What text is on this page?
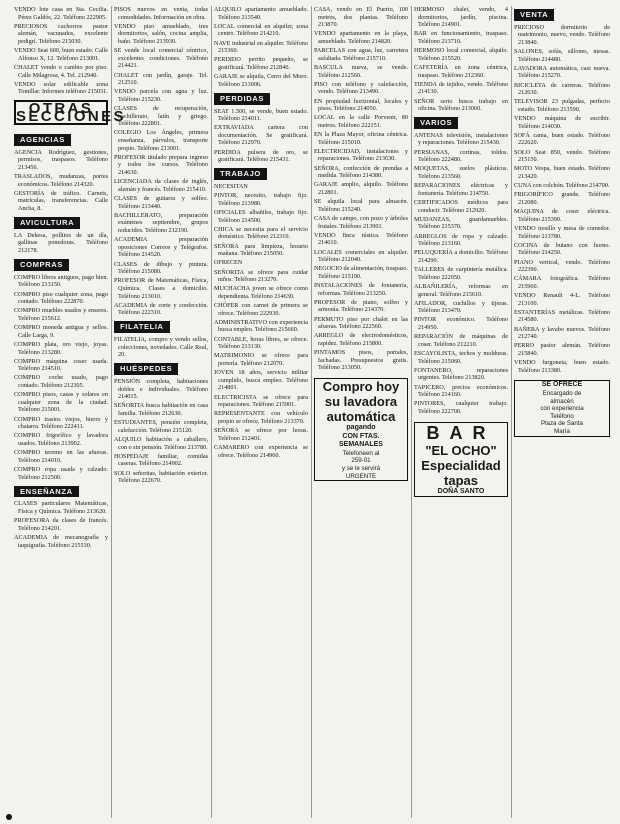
VENDO lote casa en Sta. Cecilia. Pérez Galdós, 22. Teléfono 222905.

PRECIOSOS cachorros pastor alemán, vacunados, excelente pedigrí. Teléfono 215030.

VENDO Seat 600, buen estado. Calle Alfonso X, 12. Teléfono 213001.

CHALET vendo o cambio por piso. Calle Milagrosa, 4. Tel. 212940.

VENDO solar edificable zona Tomillar. Informes teléfono 215031.

OTRAS SECCIONES
AGENCIAS

AGENCIA Rodríguez, gestiones, permisos, traspasos. Teléfono 213456.

TRASLADOS, mudanzas, portes económicos. Teléfono 214320.

GESTORÍA de tráfico. Carnets, matrículas, transferencias. Calle Ancha, 8.

AVICULTURA

LA Dehesa, pollitos de un día, gallinas ponedoras. Teléfono 212178.

COMPRAS

COMPRO libros antiguos, pago bien. Teléfono 213150.

COMPRO piso cualquier zona, pago contado. Teléfono 222870.

COMPRO muebles usados y enseres. Teléfono 215612.

COMPRO moneda antigua y sellos. Calle Larga, 9.

COMPRO plata, oro viejo, joyas. Teléfono 213280.

COMPRO máquina coser usada. Teléfono 214510.

COMPRO coche usado, pago contado. Teléfono 212305.

COMPRO pisos, casas y solares en cualquier zona de la ciudad. Teléfono 215001.

COMPRO trastos viejos, hierro y chatarra. Teléfono 222411.

COMPRO frigorífico y lavadora usados. Teléfono 213902.

COMPRO terreno en las afueras. Teléfono 214010.

COMPRO ropa usada y calzado. Teléfono 212500.

ENSEÑANZA

CLASES particulares Matemáticas, Física y Química. Teléfono 213620.

PROFESORA da clases de francés. Teléfono 214201.

ACADEMIA de mecanografía y taquigrafía. Teléfono 215530.

PISOS nuevos en venta, todas comodidades. Información en obra.

VENDO piso amueblado, tres dormitorios, salón, cocina amplia, baño. Teléfono 213930.

SE vende local comercial céntrico, excelentes condiciones. Teléfono 214421.

CHALET con jardín, garaje. Tel. 212510.

VENDO parcela con agua y luz. Teléfono 215230.

CLASES de recuperación, bachillerato, latín y griego. Teléfono 222801.

COLEGIO Los Ángeles, primera enseñanza, párvulos, transporte propio. Teléfono 213001.

PROFESOR titulado prepara ingreso y todos los cursos. Teléfono 214630.

LICENCIADA da clases de inglés, alemán y francés. Teléfono 215410.

CLASES de guitarra y solfeo. Teléfono 213440.

BACHILLERATO, preparación exámenes septiembre, grupos reducidos. Teléfono 212190.

ACADEMIA preparación oposiciones Correos y Telégrafos. Teléfono 214520.

CLASES de dibujo y pintura. Teléfono 215080.

PROFESOR de Matemáticas, Física, Química. Clases a domicilio. Teléfono 213010.

ACADEMIA de corte y confección. Teléfono 222310.

FILATELIA

FILATELIA, compro y vendo sellos, colecciones, novedades. Calle Real, 20.

HUÉSPEDES

PENSIÓN completa, habitaciones dobles e individuales. Teléfono 214015.

SEÑORITA busca habitación en casa familia. Teléfono 212630.

ESTUDIANTES, pensión completa, calefacción. Teléfono 215120.

ALQUILO habitación a caballero, con o sin pensión. Teléfono 213780.

HOSPEDAJE familiar, comidas caseras. Teléfono 214902.

SOLO señoritas, habitación exterior. Teléfono 222670.

ALQUILO apartamento amueblado. Teléfono 213540.

LOCAL comercial en alquiler, zona centro. Teléfono 214210.

NAVE industrial en alquiler. Teléfono 215360.

PERDIDO perrito pequeño, se gratificará. Teléfono 212840.

GARAJE se alquila, Cerro del Moro. Teléfono 213006.

PERDIDAS

SEAT 1.500, se vende, buen estado. Teléfono 214011.

EXTRAVIADA cartera con documentación. Se gratificará. Teléfono 212970.

PERDIDA pulsera de oro, se gratificará. Teléfono 215431.

TRABAJO

NECESITAN

PINTOR, necesito, trabajo fijo. Teléfono 213980.

OFICIALES albañiles, trabajo fijo. Teléfono 214500.

CHICA se necesita para el servicio doméstico. Teléfono 212310.

SEÑORA para limpieza, horario mañana. Teléfono 215050.

OFRECEN

SEÑORITA se ofrece para cuidar niños. Teléfono 213270.

MUCHACHA joven se ofrece como dependienta. Teléfono 214630.

CHÓFER con carnet de primera se ofrece. Teléfono 222930.

ADMINISTRATIVO con experiencia busca empleo. Teléfono 215660.

CONTABLE, horas libres, se ofrece. Teléfono 213130.

MATRIMONIO se ofrece para portería. Teléfono 212070.

JOVEN 18 años, servicio militar cumplido, busca empleo. Teléfono 214801.

ELECTRICISTA se ofrece para reparaciones. Teléfono 215901.

REPRESENTANTE con vehículo propio se ofrece. Teléfono 213370.

SEÑORA se ofrece por horas. Teléfono 212401.

CAMARERO con experiencia se ofrece. Teléfono 214960.

CASA, vendo en El Puerto, 100 metros, dos plantas. Teléfono 213870.

VENDO apartamento en la playa, amueblado. Teléfono 214820.

PARCELAS con agua, luz, carretera asfaltada. Teléfono 215710.

BASCULA nueva, se vende. Teléfono 212560.

PISO con teléfono y calefacción, vendo. Teléfono 213490.

EN propiedad horizontal, locales y pisos. Teléfono 214050.

LOCAL en la calle Porvenir, 80 metros. Teléfono 222151.

EN la Plaza Mayor, oficina céntrica. Teléfono 215010.

ELECTRICIDAD, instalaciones y reparaciones. Teléfono 213630.

SEÑORA, confección de prendas a medida. Teléfono 214380.

GARAJE amplio, alquilo. Teléfono 212801.

SE alquila local para almacén. Teléfono 215240.

CASA de campo, con pozo y árboles frutales. Teléfono 213901.

VENDO finca rústica. Teléfono 214610.

LOCALES comerciales en alquiler. Teléfono 212040.

NEGOCIO de alimentación, traspaso. Teléfono 215190.

INSTALACIONES de fontanería, reformas. Teléfono 213250.

PROFESOR de piano, solfeo y armonía. Teléfono 214370.

PERMUTO piso por chalet en las afueras. Teléfono 222560.

ARREGLO de electrodomésticos, rapidez. Teléfono 215800.

PINTAMOS pisos, portales, fachadas. Presupuestos gratis. Teléfono 213050.

Compro hoy
su lavadora
automática
pagando
CON FTAS.
SEMANALES
Telefoneen al
259-01
y se le servirá
URGENTE

HERMOSO chalet, vendo, 4 dormitorios, jardín, piscina. Teléfono 214901.

BAR en funcionamiento, traspaso. Teléfono 213710.

HERMOSO local comercial, alquilo. Teléfono 215520.

CAFETERÍA en zona céntrica, traspaso. Teléfono 212360.

TIENDA de tejidos, vendo. Teléfono 214130.

SEÑOR serio busca trabajo en oficina. Teléfono 213060.

VARIOS

ANTENAS televisión, instalaciones y reparaciones. Teléfono 215430.

PERSIANAS, cortinas, toldos. Teléfono 222480.

MOQUETAS, suelos plásticos. Teléfono 213560.

REPARACIONES eléctricas y fontanería. Teléfono 214750.

CERTIFICADOS médicos para conducir. Teléfono 212920.

MUDANZAS, guardamuebles. Teléfono 215370.

ARREGLOS de ropa y calzado. Teléfono 213160.

PELUQUERÍA a domicilio. Teléfono 214290.

TALLERES de carpintería metálica. Teléfono 222050.

ALBAÑILERÍA, reformas en general. Teléfono 215610.

AFILADOR, cuchillos y tijeras. Teléfono 213470.

PINTOR económico. Teléfono 214950.

REPARACIÓN de máquinas de coser. Teléfono 212210.

ESCAYOLISTA, techos y molduras. Teléfono 215060.

FONTANERO, reparaciones urgentes. Teléfono 213820.

TAPICERO, precios económicos. Teléfono 214160.

PINTORES, cualquier trabajo. Teléfono 222700.

BAR
"EL OCHO"
Especialidad tapas
DOÑA SANTO
VENTA

PRECIOSO dormitorio de matrimonio, nuevo, vendo. Teléfono 213840.

SALONES, sofás, sillones, mesas. Teléfono 214480.

LAVADORA automática, casi nueva. Teléfono 215270.

BICICLETA de carreras. Teléfono 212630.

TELEVISOR 23 pulgadas, perfecto estado. Teléfono 213590.

VENDO máquina de escribir. Teléfono 214030.

SOFÁ cama, buen estado. Teléfono 222620.

SOLO Seat 850, vendo. Teléfono 215150.

MOTO Vespa, buen estado. Teléfono 213420.

CUNA con colchón. Teléfono 214700.

FRIGORÍFICO grande. Teléfono 212080.

MÁQUINA de coser eléctrica. Teléfono 215390.

VENDO tresillo y mesa de comedor. Teléfono 213780.

COCINA de butano con horno. Teléfono 214250.

PIANO vertical, vendo. Teléfono 222390.

CÁMARA fotográfica. Teléfono 215960.

VENDO Renault 4-L. Teléfono 213100.

ESTANTERÍAS metálicas. Teléfono 214580.

BAÑERA y lavabo nuevos. Teléfono 212740.

PERRO pastor alemán. Teléfono 215840.

VENDO furgoneta, buen estado. Teléfono 213380.

SE OFRECE
Encargado de
almacén
con experiencia
Teléfono
Plaza de Santa
María
